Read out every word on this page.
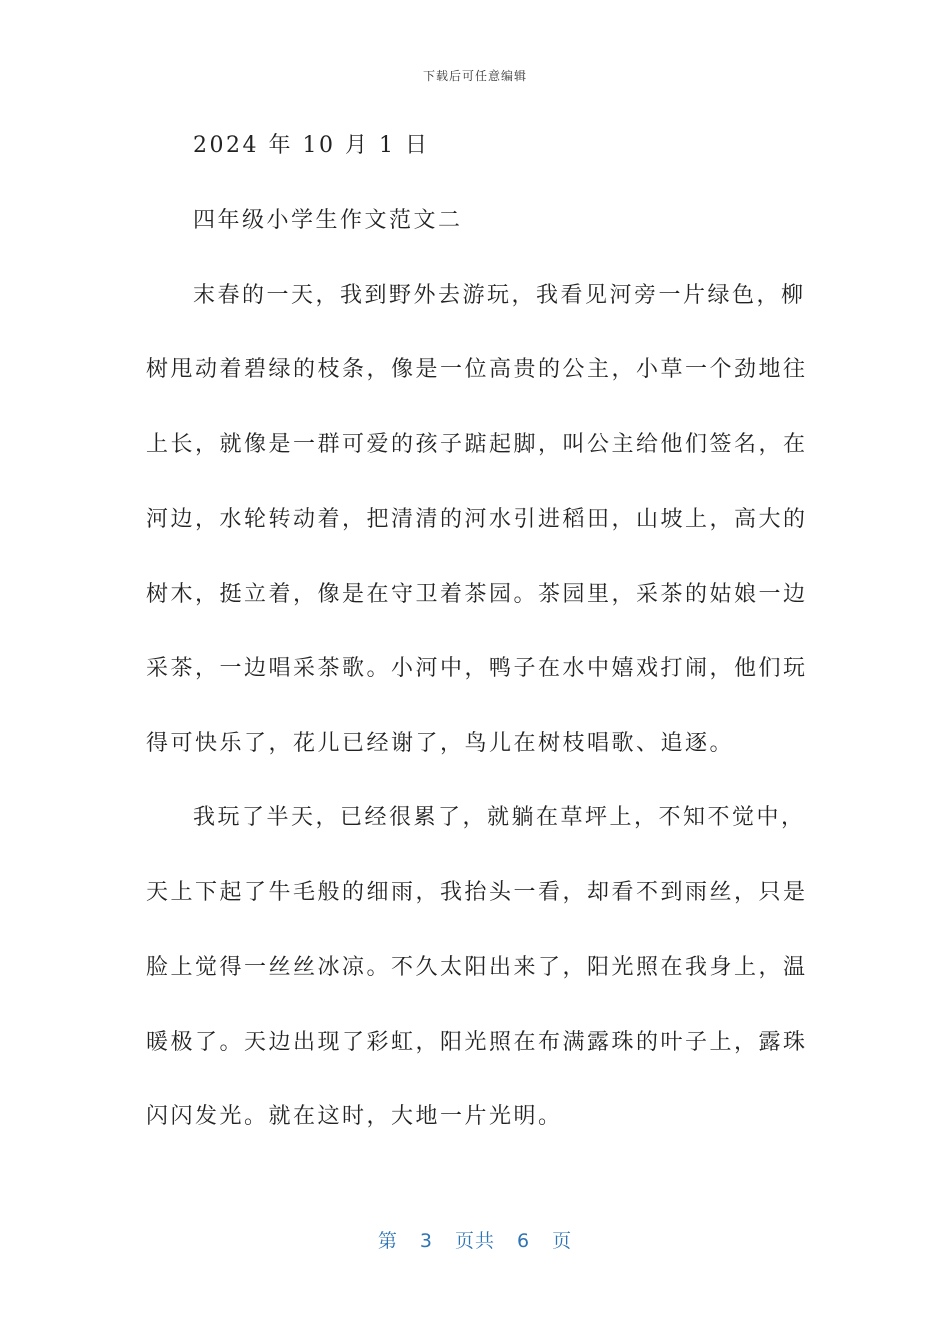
下载后可任意编辑
2024 年 10 月 1 日
四年级小学生作文范文二
末春的一天，我到野外去游玩，我看见河旁一片绿色，柳
树甩动着碧绿的枝条，像是一位高贵的公主，小草一个劲地往
上长，就像是一群可爱的孩子踮起脚，叫公主给他们签名，在
河边，水轮转动着，把清清的河水引进稻田，山坡上，高大的
树木，挺立着，像是在守卫着茶园。茶园里，采茶的姑娘一边
采茶，一边唱采茶歌。小河中，鸭子在水中嬉戏打闹，他们玩
得可快乐了，花儿已经谢了，鸟儿在树枝唱歌、追逐。
我玩了半天，已经很累了，就躺在草坪上，不知不觉中，
天上下起了牛毛般的细雨，我抬头一看，却看不到雨丝，只是
脸上觉得一丝丝冰凉。不久太阳出来了，阳光照在我身上，温
暖极了。天边出现了彩虹，阳光照在布满露珠的叶子上，露珠
闪闪发光。就在这时，大地一片光明。
第 3 页共 6 页
